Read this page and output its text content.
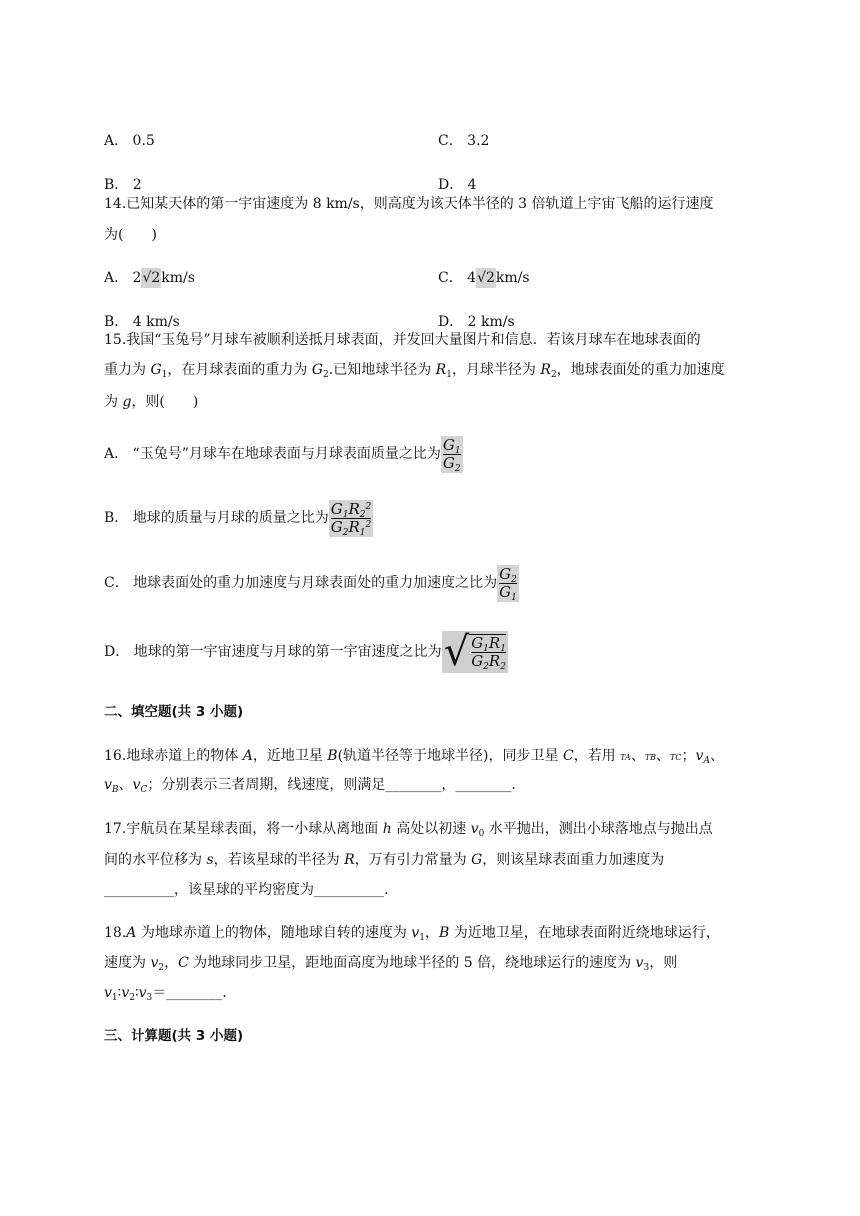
A． 0.5	C． 3.2
B． 2	D． 4
14.已知某天体的第一宇宙速度为 8 km/s，则高度为该天体半径的 3 倍轨道上宇宙飞船的运行速度
为(　　)
A． 2√2km/s	C． 4√2km/s
B． 4 km/s	D． 2 km/s
15.我国“玉兔号”月球车被顺利送抵月球表面，并发回大量图片和信息．若该月球车在地球表面的
重力为 $G_1$，在月球表面的重力为 $G_2$.已知地球半径为 $R_1$，月球半径为 $R_2$，地球表面处的重力加速度
为 g，则(　　)
A． “玉兔号”月球车在地球表面与月球表面质量之比为 $\frac{G_1}{G_2}$
B． 地球的质量与月球的质量之比为 $\frac{G_1R_2^2}{G_2R_1^2}$
C． 地球表面处的重力加速度与月球表面处的重力加速度之比为 $\frac{G_2}{G_1}$
D． 地球的第一宇宙速度与月球的第一宇宙速度之比为 √ $\frac{G_1R_1}{G_2R_2}$
二、填空题(共 3 小题)
16.地球赤道上的物体 A，近地卫星 B(轨道半径等于地球半径)，同步卫星 C，若用 TA、TB、TC；$v_A$、
$v_B$、$v_C$；分别表示三者周期，线速度，则满足________，________.
17.宇航员在某星球表面，将一小球从离地面 h 高处以初速 $v_0$ 水平抛出，测出小球落地点与抛出点
间的水平位移为 s，若该星球的半径为 R，万有引力常量为 G，则该星球表面重力加速度为
__________，该星球的平均密度为__________.
18.A 为地球赤道上的物体，随地球自转的速度为 $v_1$，B 为近地卫星，在地球表面附近绕地球运行，
速度为 $v_2$，C 为地球同步卫星，距地面高度为地球半径的 5 倍，绕地球运行的速度为 $v_3$，则
$v_1∶v_2∶v_3=\_\_\_\_\_\_\_\_$.
三、计算题(共 3 小题)
